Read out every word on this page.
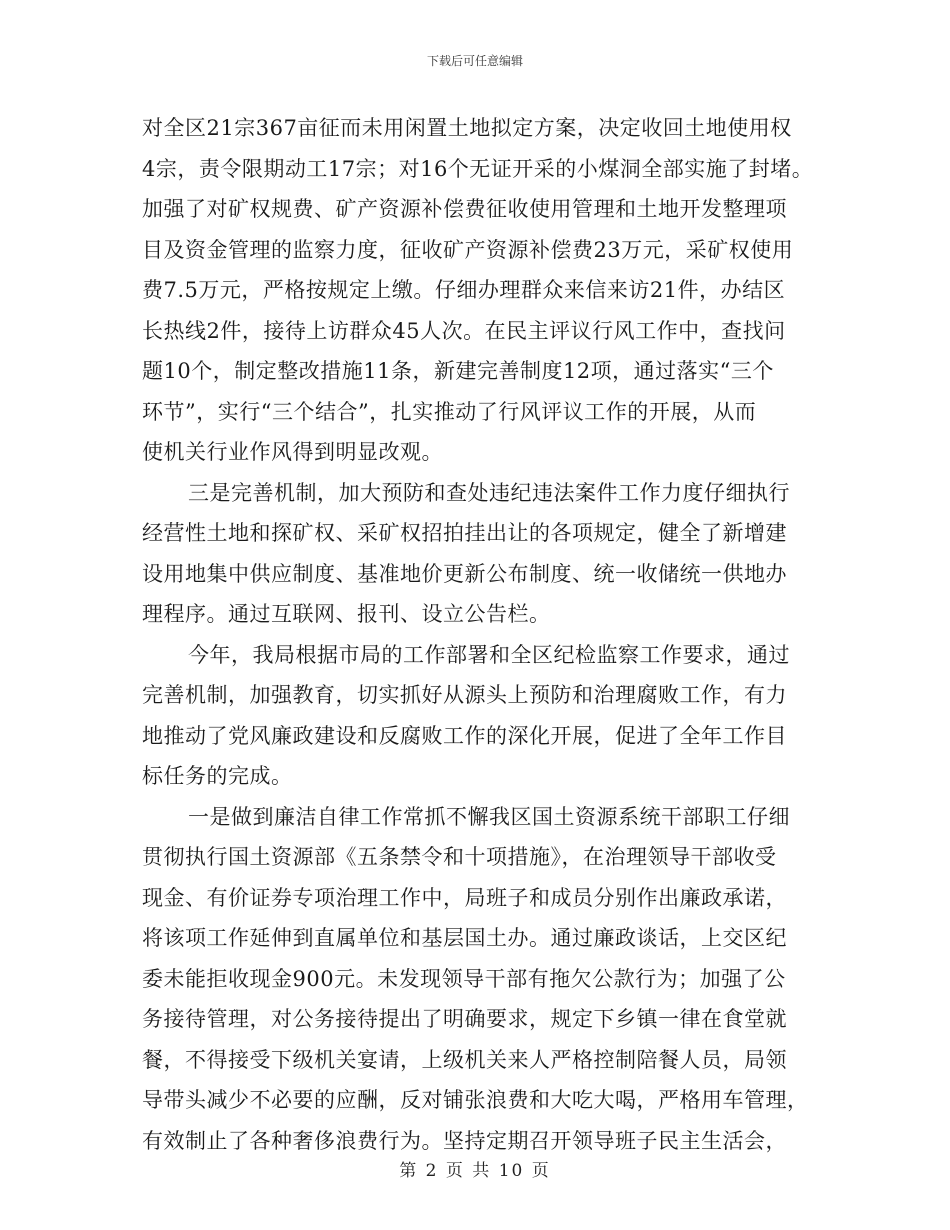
下载后可任意编辑
对全区21宗367亩征而未用闲置土地拟定方案，决定收回土地使用权
4宗，责令限期动工17宗；对16个无证开采的小煤洞全部实施了封堵。
加强了对矿权规费、矿产资源补偿费征收使用管理和土地开发整理项
目及资金管理的监察力度，征收矿产资源补偿费23万元，采矿权使用
费7.5万元，严格按规定上缴。仔细办理群众来信来访21件，办结区
长热线2件，接待上访群众45人次。在民主评议行风工作中，查找问
题10个，制定整改措施11条，新建完善制度12项，通过落实“三个
环节”，实行“三个结合”，扎实推动了行风评议工作的开展，从而
使机关行业作风得到明显改观。
三是完善机制，加大预防和查处违纪违法案件工作力度仔细执行
经营性土地和探矿权、采矿权招拍挂出让的各项规定，健全了新增建
设用地集中供应制度、基准地价更新公布制度、统一收储统一供地办
理程序。通过互联网、报刊、设立公告栏。
今年，我局根据市局的工作部署和全区纪检监察工作要求，通过
完善机制，加强教育，切实抓好从源头上预防和治理腐败工作，有力
地推动了党风廉政建设和反腐败工作的深化开展，促进了全年工作目
标任务的完成。
一是做到廉洁自律工作常抓不懈我区国土资源系统干部职工仔细
贯彻执行国土资源部《五条禁令和十项措施》，在治理领导干部收受
现金、有价证券专项治理工作中，局班子和成员分别作出廉政承诺，
将该项工作延伸到直属单位和基层国土办。通过廉政谈话，上交区纪
委未能拒收现金900元。未发现领导干部有拖欠公款行为；加强了公
务接待管理，对公务接待提出了明确要求，规定下乡镇一律在食堂就
餐，不得接受下级机关宴请，上级机关来人严格控制陪餐人员，局领
导带头减少不必要的应酬，反对铺张浪费和大吃大喝，严格用车管理，
有效制止了各种奢侈浪费行为。坚持定期召开领导班子民主生活会，
第 2 页 共 10 页
